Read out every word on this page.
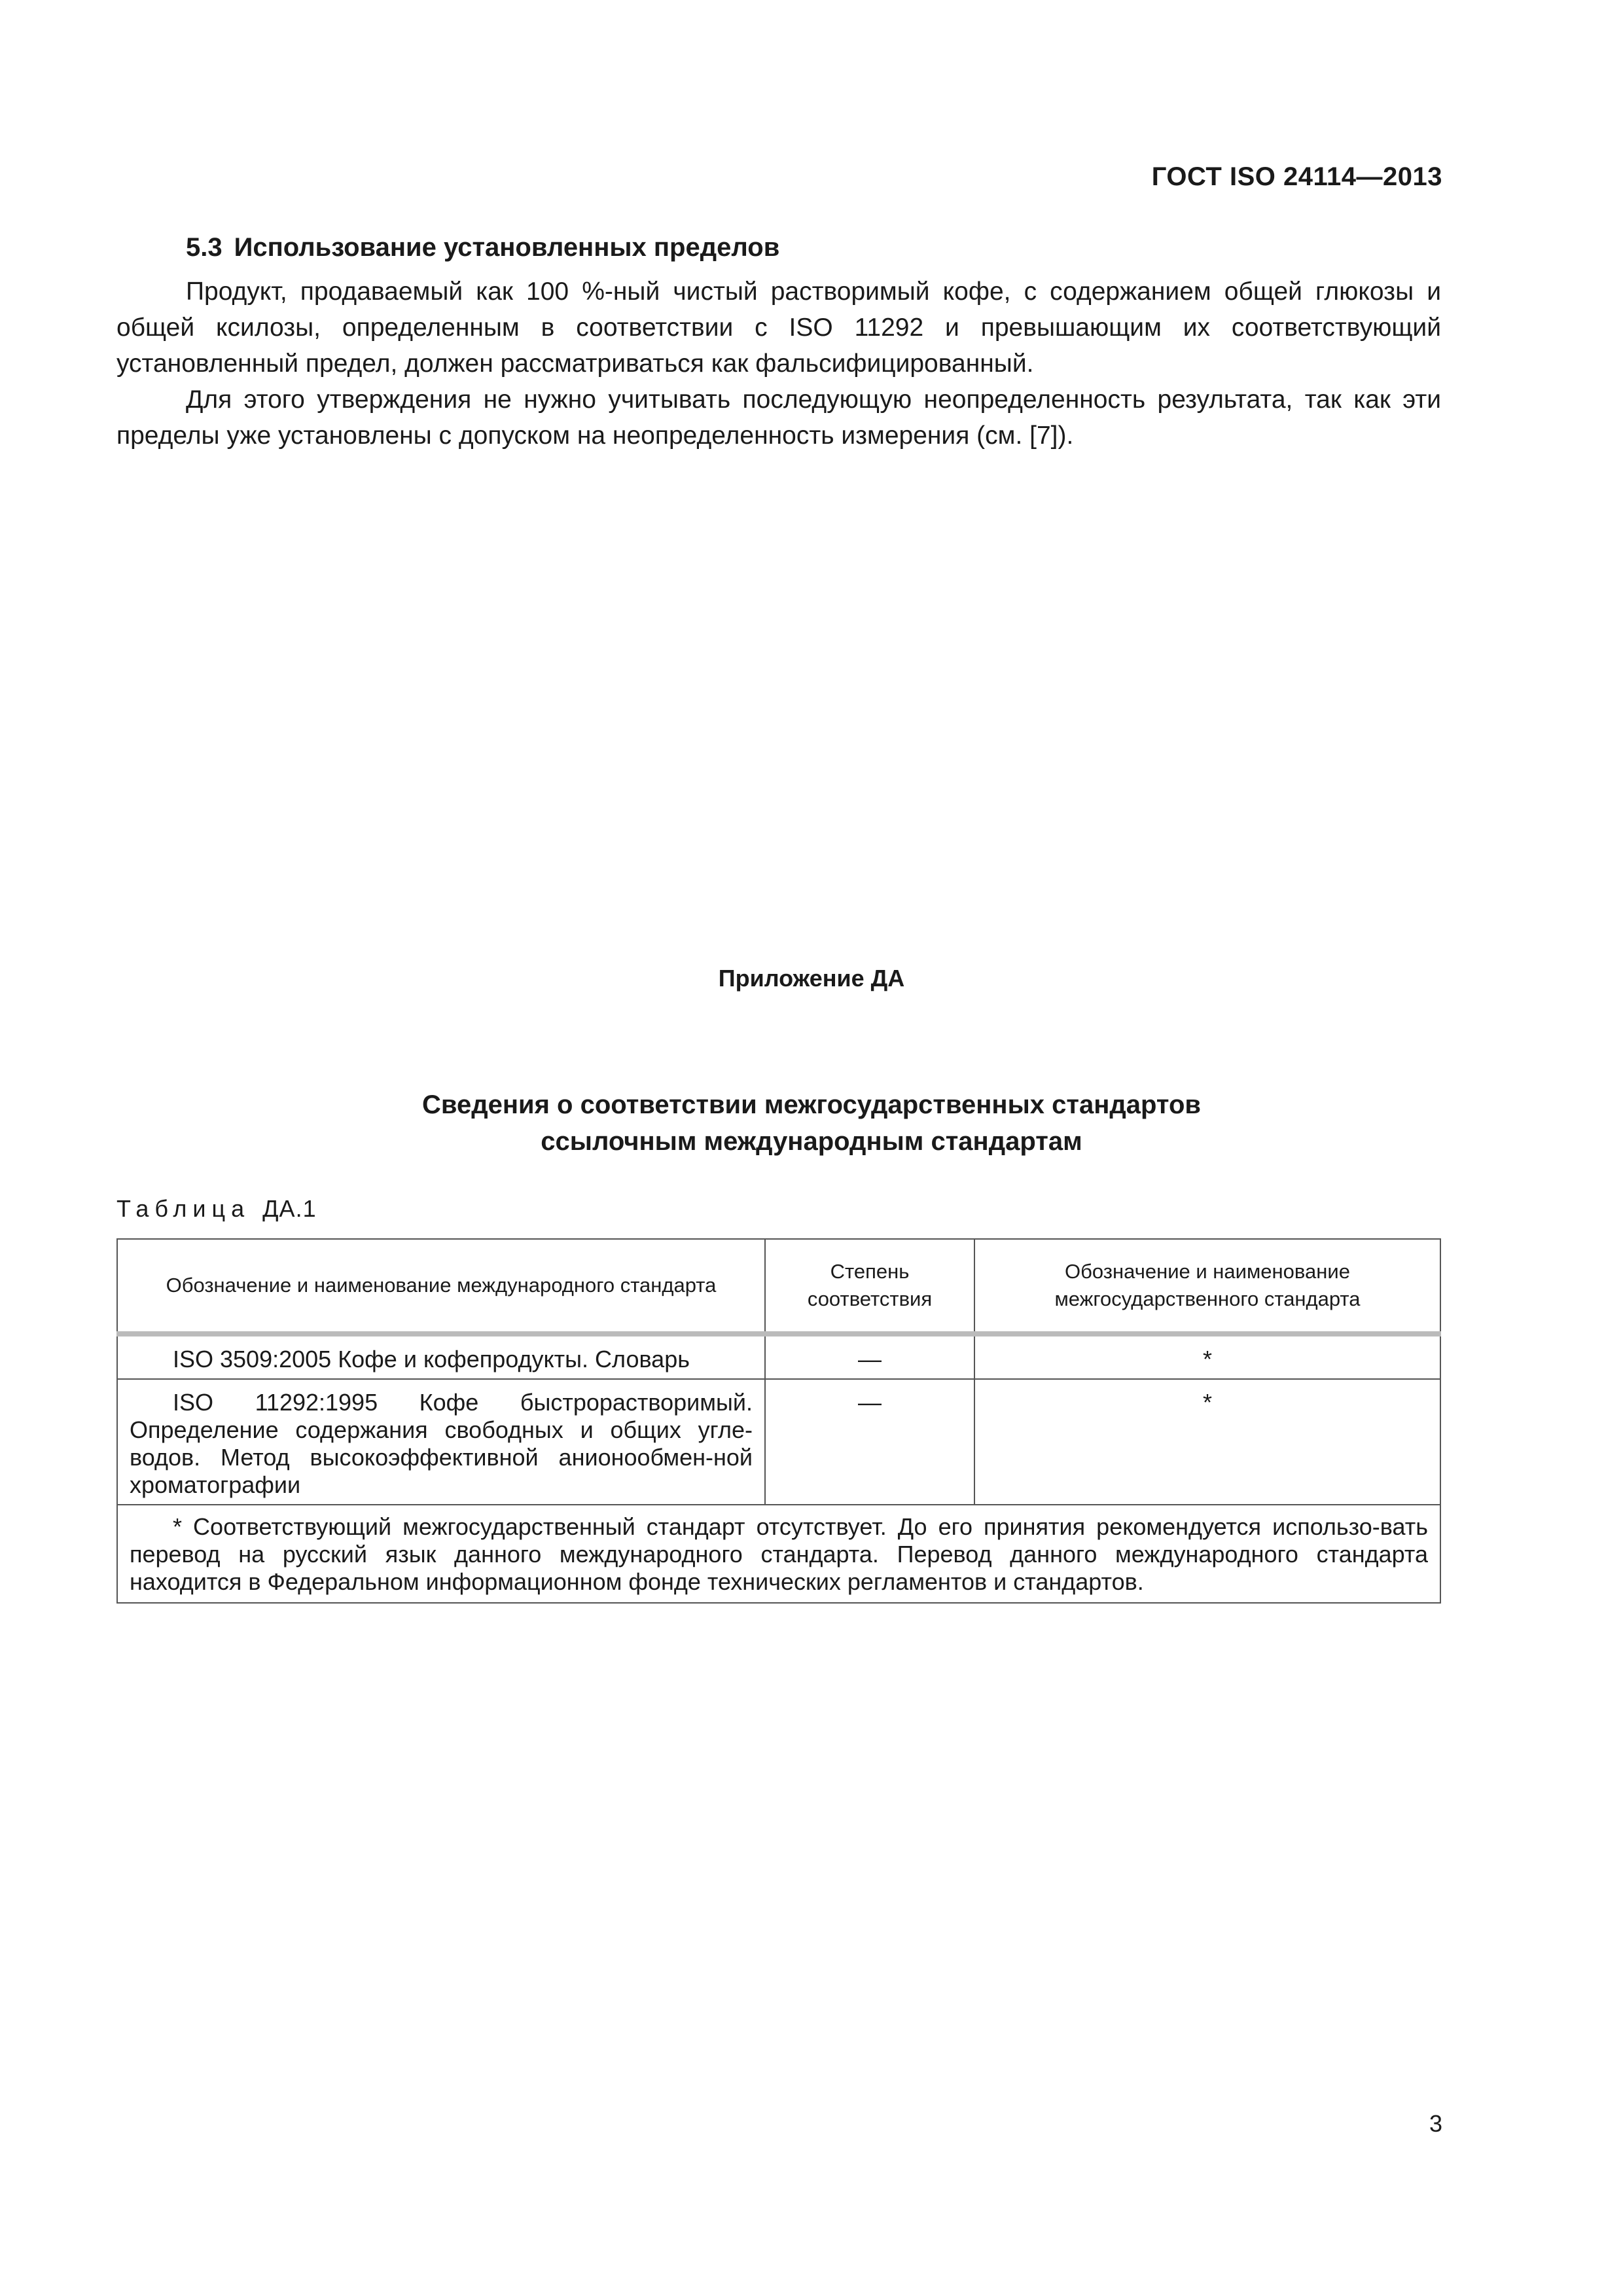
ГОСТ ISO 24114—2013
5.3 Использование установленных пределов

Продукт, продаваемый как 100 %-ный чистый растворимый кофе, с содержанием общей глюкозы и общей ксилозы, определенным в соответствии с ISO 11292 и превышающим их соответствующий установленный предел, должен рассматриваться как фальсифицированный.

Для этого утверждения не нужно учитывать последующую неопределенность результата, так как эти пределы уже установлены с допуском на неопределенность измерения (см. [7]).

Приложение ДА
Сведения о соответствии межгосударственных стандартов
ссылочным международным стандартам
Таблица ДА.1
Обозначение и наименование международного стандарта	Степень соответствия	Обозначение и наименование межгосударственного стандарта
ISO 3509:2005 Кофе и кофепродукты. Словарь	—	*
ISO 11292:1995 Кофе быстрорастворимый. Определение содержания свободных и общих угле-водов. Метод высокоэффективной анионообмен-ной хроматографии	—	*
* Соответствующий межгосударственный стандарт отсутствует. До его принятия рекомендуется использо-вать перевод на русский язык данного международного стандарта. Перевод данного международного стандарта находится в Федеральном информационном фонде технических регламентов и стандартов.		
3
